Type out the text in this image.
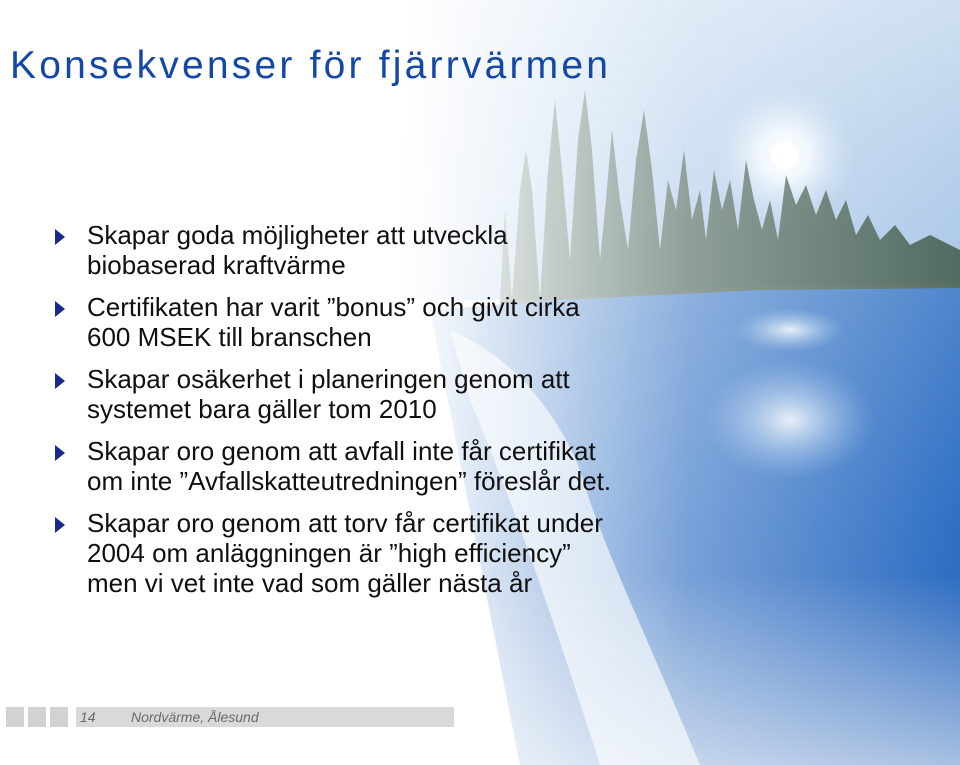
Konsekvenser för fjärrvärmen
Skapar goda möjligheter att utveckla
biobaserad kraftvärme
Certifikaten har varit ”bonus” och givit cirka
600 MSEK till branschen
Skapar osäkerhet i planeringen genom att
systemet bara gäller tom 2010
Skapar oro genom att avfall inte får certifikat
om inte ”Avfallskatteutredningen” föreslår det.
Skapar oro genom att torv får certifikat under
2004 om anläggningen är ”high efficiency”
men vi vet inte vad som gäller nästa år
14	Nordvärme, Ålesund
